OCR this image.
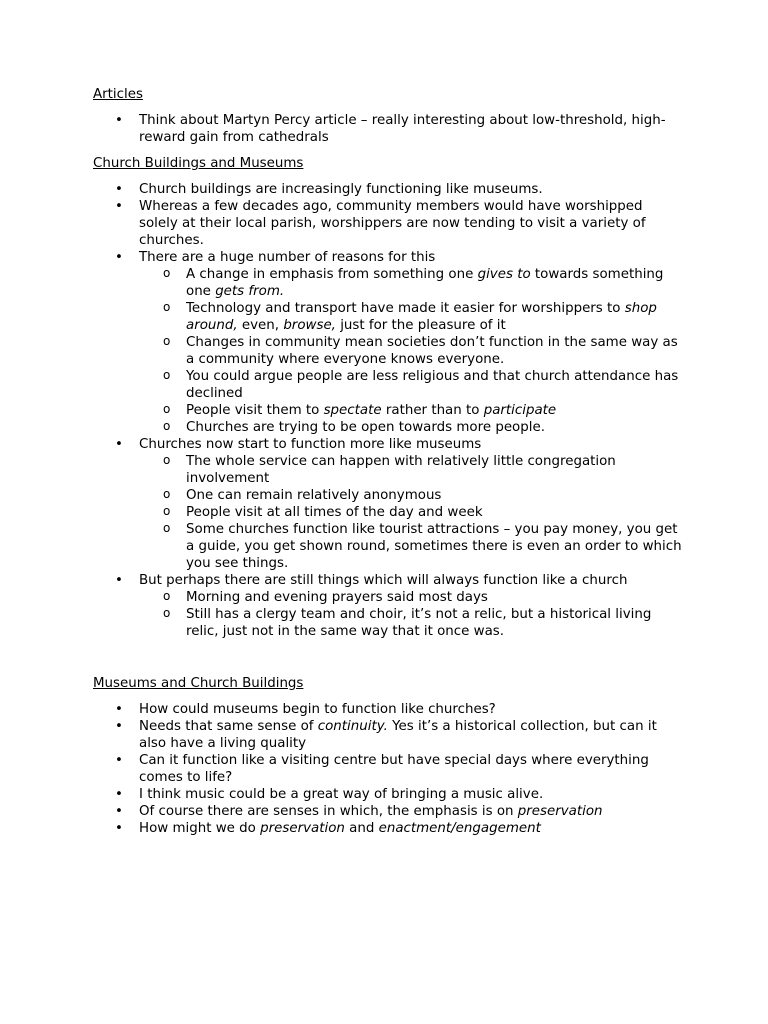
Articles
• Think about Martyn Percy article – really interesting about low-threshold, high-reward gain from cathedrals
Church Buildings and Museums
• Church buildings are increasingly functioning like museums.
• Whereas a few decades ago, community members would have worshipped solely at their local parish, worshippers are now tending to visit a variety of churches.
• There are a huge number of reasons for this
o A change in emphasis from something one gives to towards something one gets from.
o Technology and transport have made it easier for worshippers to shop around, even, browse, just for the pleasure of it
o Changes in community mean societies don’t function in the same way as a community where everyone knows everyone.
o You could argue people are less religious and that church attendance has declined
o People visit them to spectate rather than to participate
o Churches are trying to be open towards more people.
• Churches now start to function more like museums
o The whole service can happen with relatively little congregation involvement
o One can remain relatively anonymous
o People visit at all times of the day and week
o Some churches function like tourist attractions – you pay money, you get a guide, you get shown round, sometimes there is even an order to which you see things.
• But perhaps there are still things which will always function like a church
o Morning and evening prayers said most days
o Still has a clergy team and choir, it’s not a relic, but a historical living relic, just not in the same way that it once was.
Museums and Church Buildings
• How could museums begin to function like churches?
• Needs that same sense of continuity. Yes it’s a historical collection, but can it also have a living quality
• Can it function like a visiting centre but have special days where everything comes to life?
• I think music could be a great way of bringing a music alive.
• Of course there are senses in which, the emphasis is on preservation
• How might we do preservation and enactment/engagement
